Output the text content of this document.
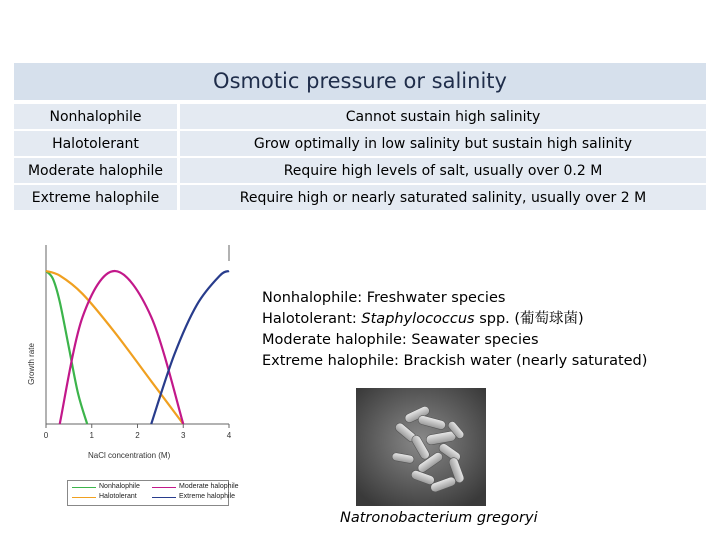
Osmotic pressure or salinity
Nonhalophile	Cannot sustain high salinity
Halotolerant	Grow optimally in low salinity but sustain high salinity
Moderate halophile	Require high levels of salt, usually over 0.2 M
Extreme halophile	Require high or nearly saturated salinity, usually over 2 M
0	1	2	3	4
Growth rate
NaCl concentration (M)
Nonhalophile
Halotolerant
Moderate halophile
Extreme halophile
Nonhalophile: Freshwater species
Halotolerant: Staphylococcus spp. (葡萄球菌)
Moderate halophile: Seawater species
Extreme halophile: Brackish water (nearly saturated)
Natronobacterium gregoryi
